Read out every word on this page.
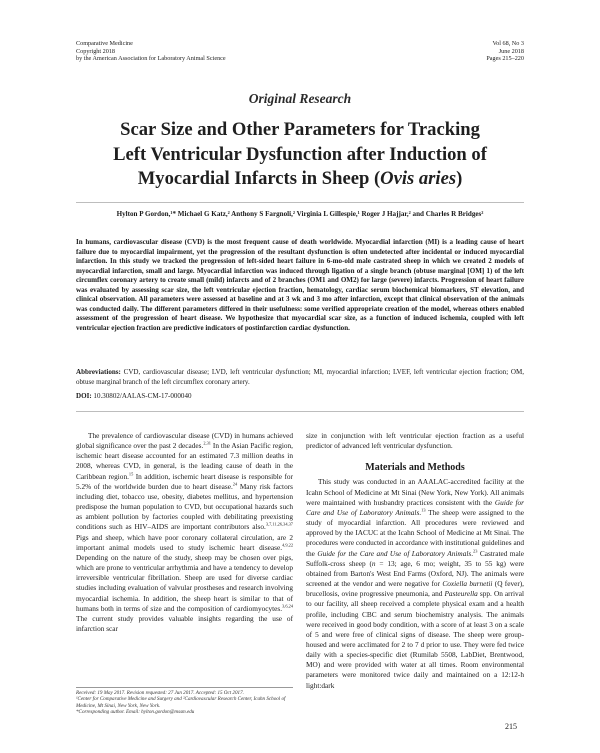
Comparative Medicine
Copyright 2018
by the American Association for Laboratory Animal Science
Vol 68, No 3
June 2018
Pages 215–220
Original Research
Scar Size and Other Parameters for Tracking
Left Ventricular Dysfunction after Induction of
Myocardial Infarcts in Sheep (Ovis aries)
Hylton P Gordon,¹* Michael G Katz,² Anthony S Fargnoli,² Virginia L Gillespie,¹ Roger J Hajjar,² and Charles R Bridges²
In humans, cardiovascular disease (CVD) is the most frequent cause of death worldwide. Myocardial infarction (MI) is a leading cause of heart failure due to myocardial impairment, yet the progression of the resultant dysfunction is often undetected after incidental or induced myocardial infarction. In this study we tracked the progression of left-sided heart failure in 6-mo-old male castrated sheep in which we created 2 models of myocardial infarction, small and large. Myocardial infarction was induced through ligation of a single branch (obtuse marginal [OM] 1) of the left circumflex coronary artery to create small (mild) infarcts and of 2 branches (OM1 and OM2) for large (severe) infarcts. Progression of heart failure was evaluated by assessing scar size, the left ventricular ejection fraction, hematology, cardiac serum biochemical biomarkers, ST elevation, and clinical observation. All parameters were assessed at baseline and at 3 wk and 3 mo after infarction, except that clinical observation of the animals was conducted daily. The different parameters differed in their usefulness: some verified appropriate creation of the model, whereas others enabled assessment of the progression of heart disease. We hypothesize that myocardial scar size, as a function of induced ischemia, coupled with left ventricular ejection fraction are predictive indicators of postinfarction cardiac dysfunction.
Abbreviations: CVD, cardiovascular disease; LVD, left ventricular dysfunction; MI, myocardial infarction; LVEF, left ventricular ejection fraction; OM, obtuse marginal branch of the left circumflex coronary artery.
DOI: 10.30802/AALAS-CM-17-000040

The prevalence of cardiovascular disease (CVD) in humans achieved global significance over the past 2 decades.$^{2,31}$ In the Asian Pacific region, ischemic heart disease accounted for an estimated 7.3 million deaths in 2008, whereas CVD, in general, is the leading cause of death in the Caribbean region.$^{15}$ In addition, ischemic heart disease is responsible for 5.2% of the worldwide burden due to heart disease.$^{24}$ Many risk factors including diet, tobacco use, obesity, diabetes mellitus, and hypertension predispose the human population to CVD, but occupational hazards such as ambient pollution by factories coupled with debilitating preexisting conditions such as HIV–AIDS are important contributors also.$^{3,7,11,26,34,37}$ Pigs and sheep, which have poor coronary collateral circulation, are 2 important animal models used to study ischemic heart disease.$^{4,9,22}$ Depending on the nature of the study, sheep may be chosen over pigs, which are prone to ventricular arrhythmia and have a tendency to develop irreversible ventricular fibrillation. Sheep are used for diverse cardiac studies including evaluation of valvular prostheses and research involving myocardial ischemia. In addition, the sheep heart is similar to that of humans both in terms of size and the composition of cardiomyocytes.$^{3,6,24}$ The current study provides valuable insights regarding the use of infarction scar

Received: 19 May 2017. Revision requested: 27 Jun 2017. Accepted: 15 Oct 2017.
¹Center for Comparative Medicine and Surgery and ²Cardiovascular Research Center, Icahn School of Medicine, Mt Sinai, New York, New York.
*Corresponding author. Email: hylton.gordon@mssm.edu

size in conjunction with left ventricular ejection fraction as a useful predictor of advanced left ventricular dysfunction.

Materials and Methods

This study was conducted in an AAALAC-accredited facility at the Icahn School of Medicine at Mt Sinai (New York, New York). All animals were maintained with husbandry practices consistent with the Guide for Care and Use of Laboratory Animals.$^{13}$ The sheep were assigned to the study of myocardial infarction. All procedures were reviewed and approved by the IACUC at the Icahn School of Medicine at Mt Sinai. The procedures were conducted in accordance with institutional guidelines and the Guide for the Care and Use of Laboratory Animals.$^{23}$ Castrated male Suffolk-cross sheep (n = 13; age, 6 mo; weight, 35 to 55 kg) were obtained from Barton's West End Farms (Oxford, NJ). The animals were screened at the vendor and were negative for Coxiella burnetii (Q fever), brucellosis, ovine progressive pneumonia, and Pasteurella spp. On arrival to our facility, all sheep received a complete physical exam and a health profile, including CBC and serum biochemistry analysis. The animals were received in good body condition, with a score of at least 3 on a scale of 5 and were free of clinical signs of disease. The sheep were group-housed and were acclimated for 2 to 7 d prior to use. They were fed twice daily with a species-specific diet (Rumilab 5508, LabDiet, Brentwood, MO) and were provided with water at all times. Room environmental parameters were monitored twice daily and maintained on a 12:12-h light:dark

215
